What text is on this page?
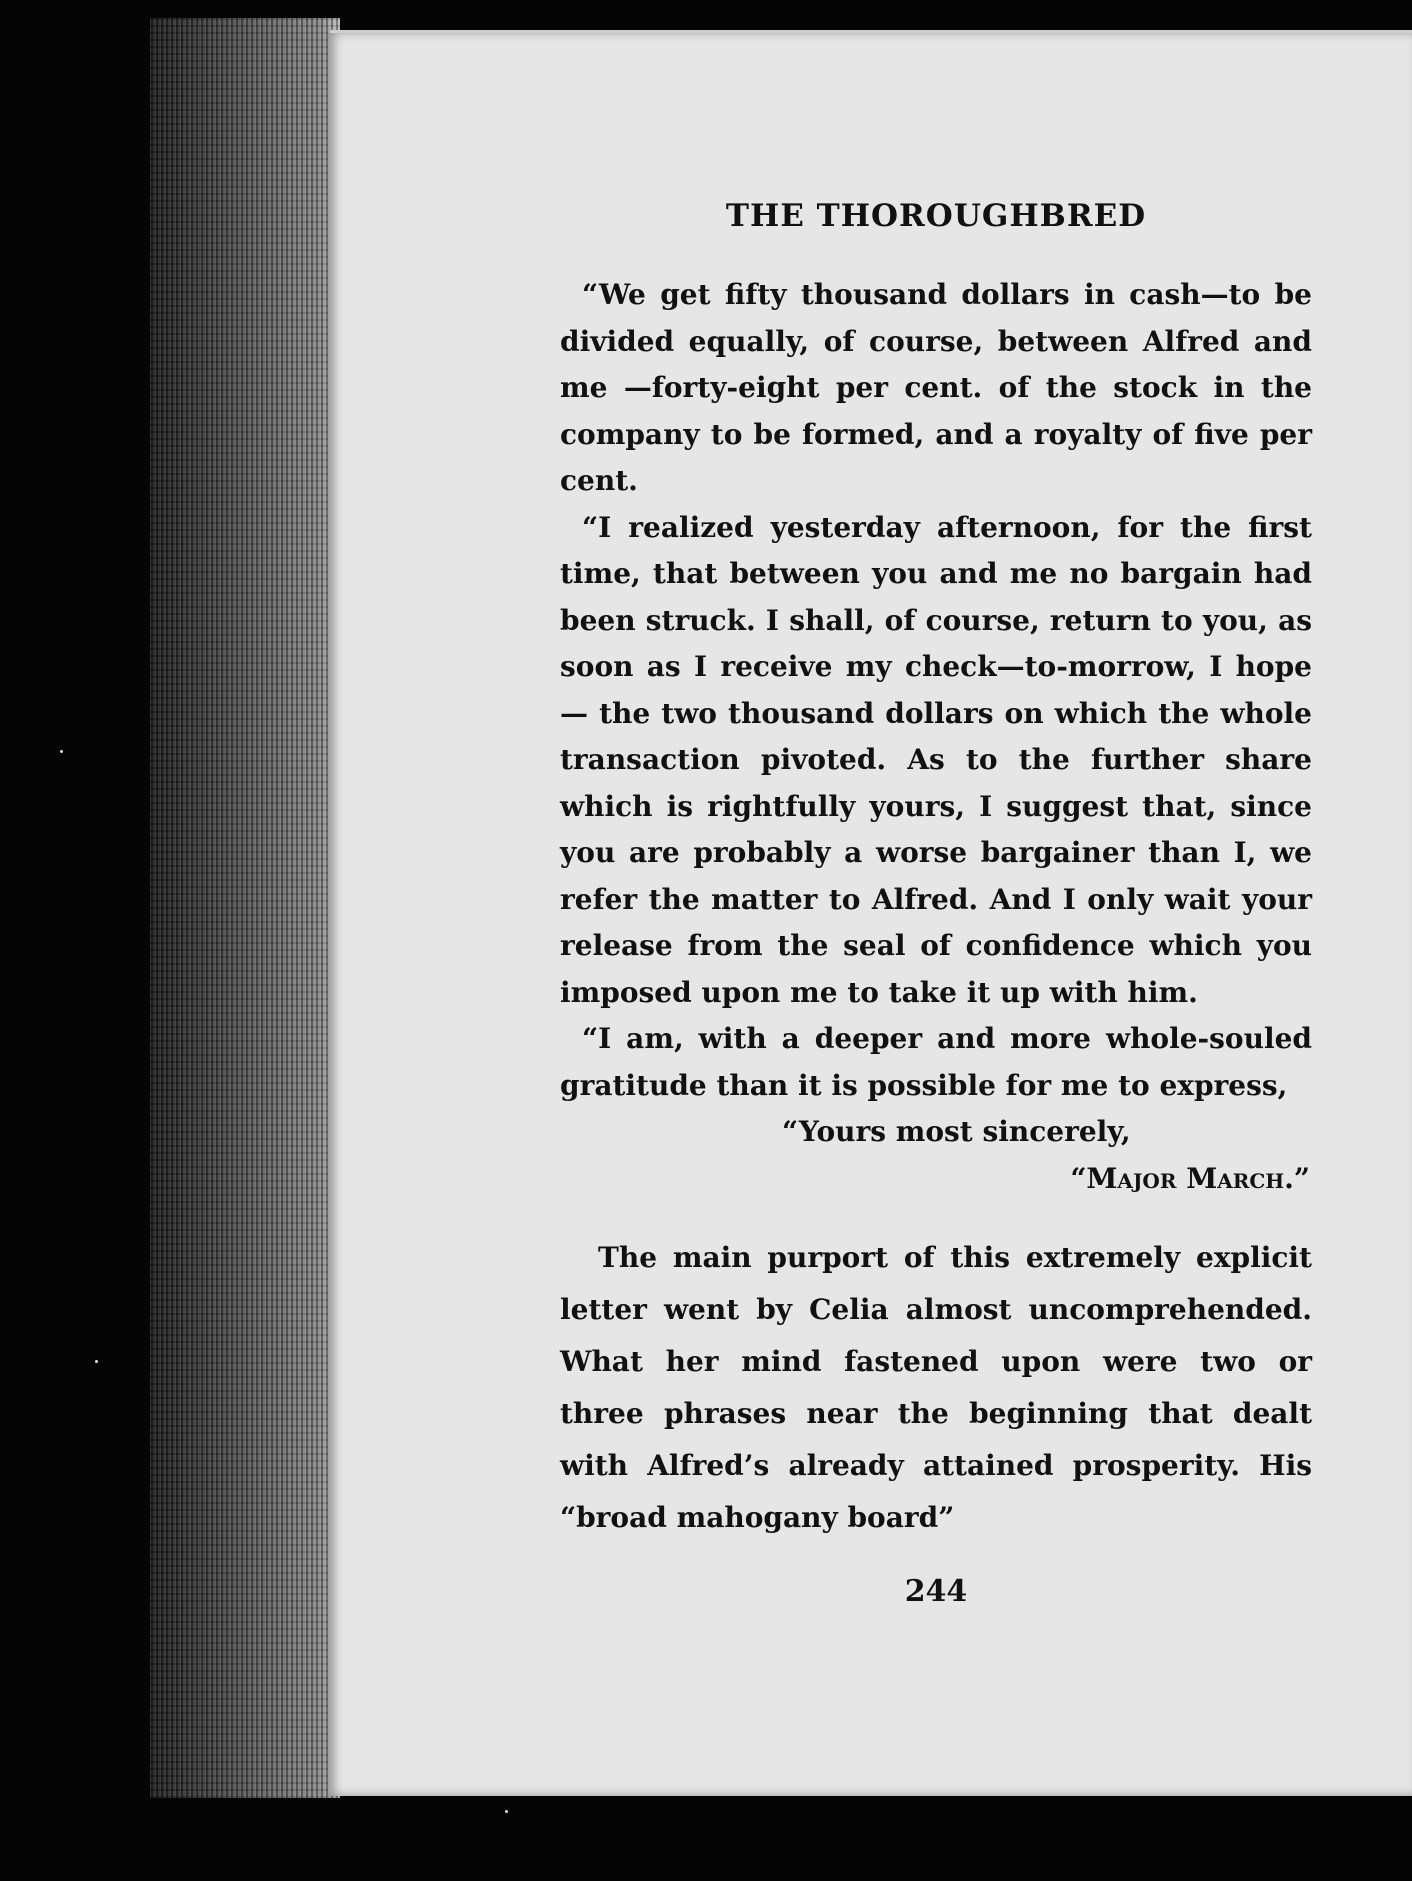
THE THOROUGHBRED

“We get fifty thousand dollars in cash—to be divided equally, of course, between Alfred and me —forty-eight per cent. of the stock in the company to be formed, and a royalty of five per cent.

“I realized yesterday afternoon, for the first time, that between you and me no bargain had been struck. I shall, of course, return to you, as soon as I receive my check—to-morrow, I hope— the two thousand dollars on which the whole transaction pivoted. As to the further share which is rightfully yours, I suggest that, since you are probably a worse bargainer than I, we refer the matter to Alfred. And I only wait your release from the seal of confidence which you imposed upon me to take it up with him.

“I am, with a deeper and more whole-souled gratitude than it is possible for me to express,

“Yours most sincerely,

“Major March.”

The main purport of this extremely explicit letter went by Celia almost uncomprehended. What her mind fastened upon were two or three phrases near the beginning that dealt with Alfred’s already attained prosperity. His “broad mahogany board”

244
